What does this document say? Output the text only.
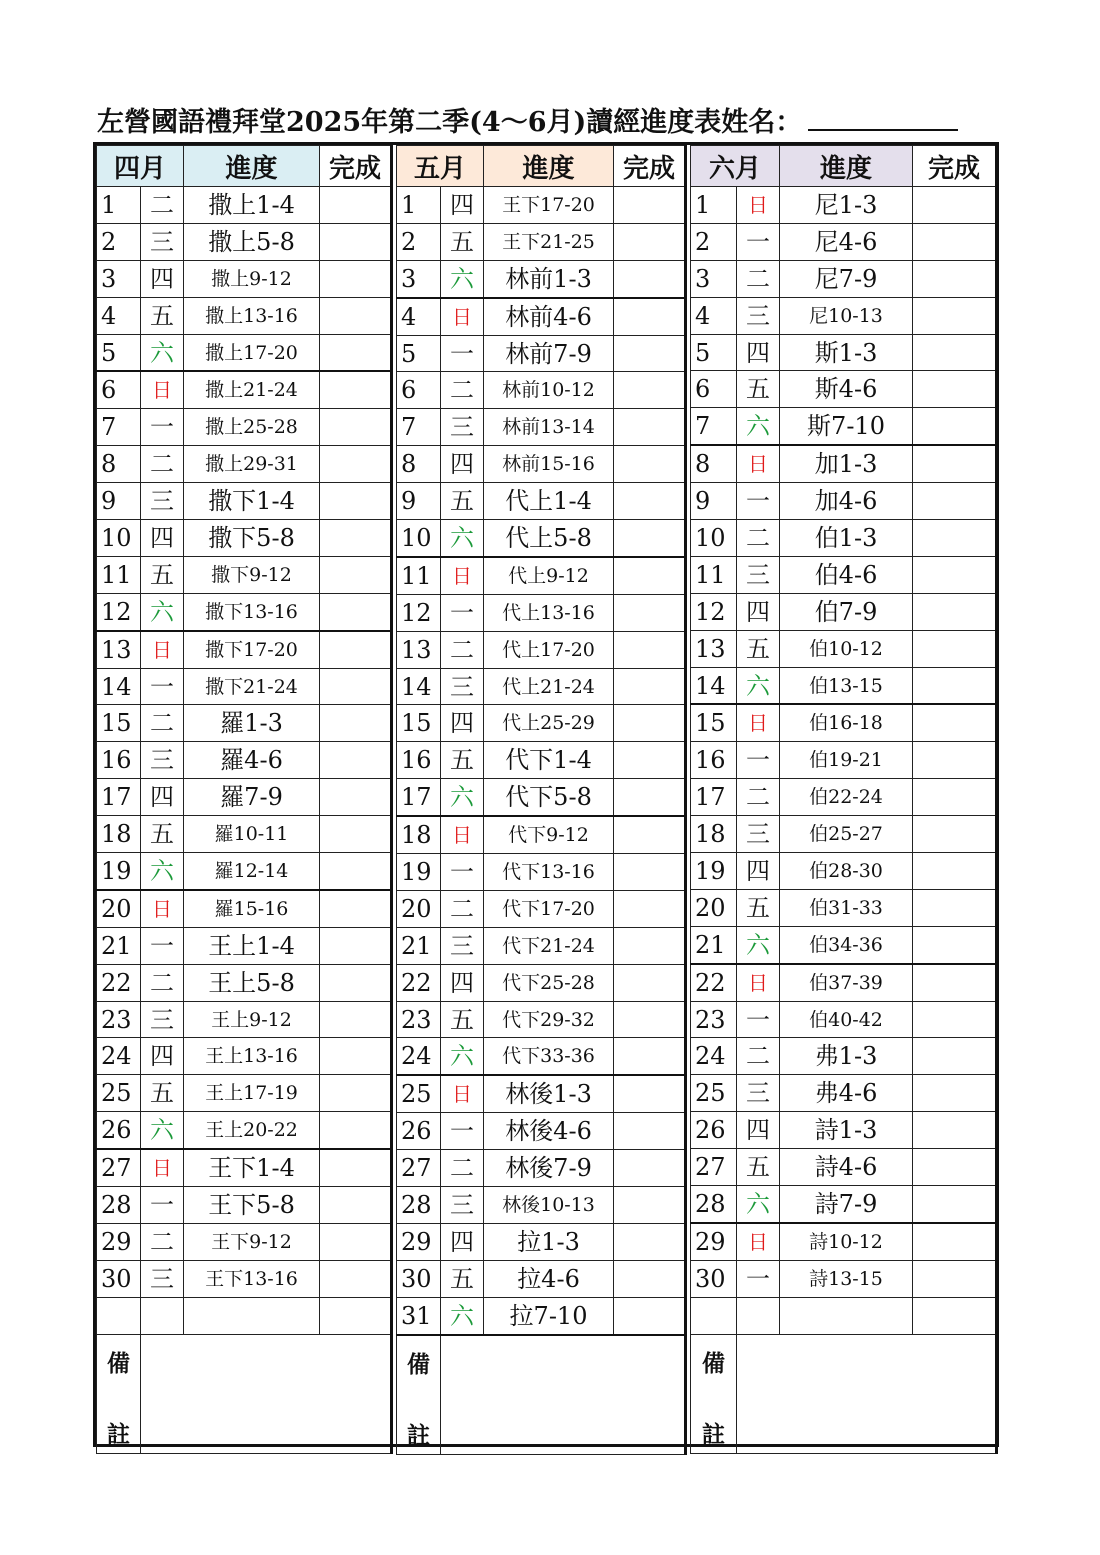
左營國語禮拜堂2025年第二季(4～6月)讀經進度表姓名：
四月		進度	完成
1	二	撒上1-4	
2	三	撒上5-8	
3	四	撒上9-12	
4	五	撒上13-16	
5	六	撒上17-20	
6	日	撒上21-24	
7	一	撒上25-28	
8	二	撒上29-31	
9	三	撒下1-4	
10	四	撒下5-8	
11	五	撒下9-12	
12	六	撒下13-16	
13	日	撒下17-20	
14	一	撒下21-24	
15	二	羅1-3	
16	三	羅4-6	
17	四	羅7-9	
18	五	羅10-11	
19	六	羅12-14	
20	日	羅15-16	
21	一	王上1-4	
22	二	王上5-8	
23	三	王上9-12	
24	四	王上13-16	
25	五	王上17-19	
26	六	王上20-22	
27	日	王下1-4	
28	一	王下5-8	
29	二	王下9-12	
30	三	王下13-16	

備
註			

五月		進度	完成
1	四	王下17-20	
2	五	王下21-25	
3	六	林前1-3	
4	日	林前4-6	
5	一	林前7-9	
6	二	林前10-12	
7	三	林前13-14	
8	四	林前15-16	
9	五	代上1-4	
10	六	代上5-8	
11	日	代上9-12	
12	一	代上13-16	
13	二	代上17-20	
14	三	代上21-24	
15	四	代上25-29	
16	五	代下1-4	
17	六	代下5-8	
18	日	代下9-12	
19	一	代下13-16	
20	二	代下17-20	
21	三	代下21-24	
22	四	代下25-28	
23	五	代下29-32	
24	六	代下33-36	
25	日	林後1-3	
26	一	林後4-6	
27	二	林後7-9	
28	三	林後10-13	
29	四	拉1-3	
30	五	拉4-6	
31	六	拉7-10	

備
註			

六月		進度	完成
1	日	尼1-3	
2	一	尼4-6	
3	二	尼7-9	
4	三	尼10-13	
5	四	斯1-3	
6	五	斯4-6	
7	六	斯7-10	
8	日	加1-3	
9	一	加4-6	
10	二	伯1-3	
11	三	伯4-6	
12	四	伯7-9	
13	五	伯10-12	
14	六	伯13-15	
15	日	伯16-18	
16	一	伯19-21	
17	二	伯22-24	
18	三	伯25-27	
19	四	伯28-30	
20	五	伯31-33	
21	六	伯34-36	
22	日	伯37-39	
23	一	伯40-42	
24	二	弗1-3	
25	三	弗4-6	
26	四	詩1-3	
27	五	詩4-6	
28	六	詩7-9	
29	日	詩10-12	
30	一	詩13-15	

備
註			
